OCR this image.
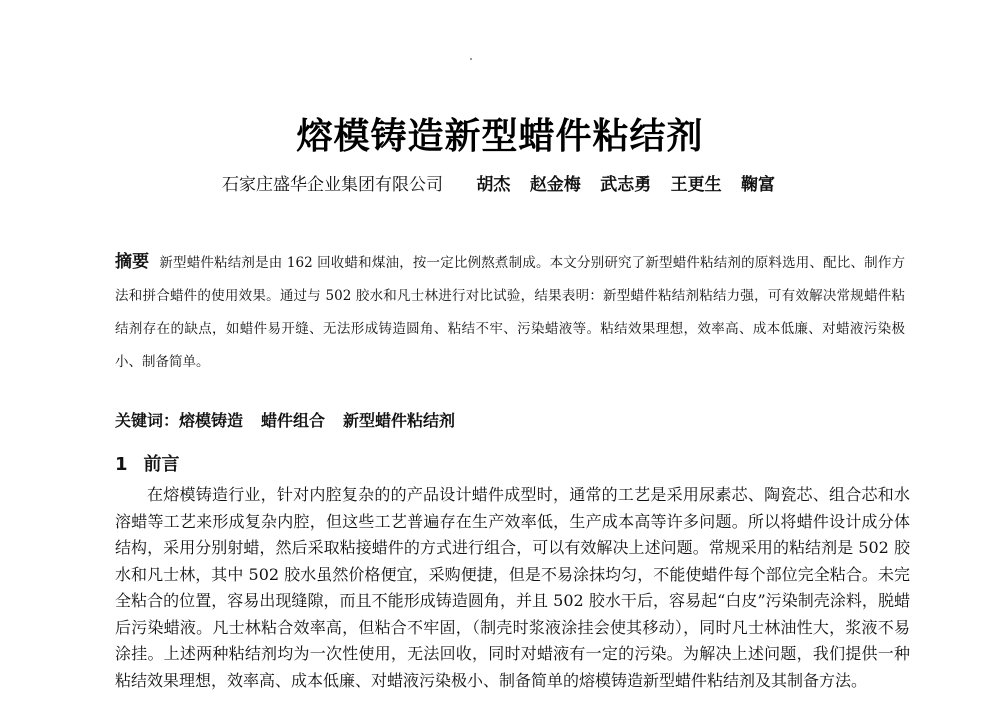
熔模铸造新型蜡件粘结剂
石家庄盛华企业集团有限公司 胡杰 赵金梅 武志勇 王更生 鞠富
摘要 新型蜡件粘结剂是由 162 回收蜡和煤油，按一定比例熬煮制成。本文分别研究了新型蜡件粘结剂的原料选用、配比、制作方法和拼合蜡件的使用效果。通过与 502 胶水和凡士林进行对比试验，结果表明：新型蜡件粘结剂粘结力强，可有效解决常规蜡件粘结剂存在的缺点，如蜡件易开缝、无法形成铸造圆角、粘结不牢、污染蜡液等。粘结效果理想，效率高、成本低廉、对蜡液污染极小、制备简单。
关键词：熔模铸造 蜡件组合 新型蜡件粘结剂
1 前言
在熔模铸造行业，针对内腔复杂的的产品设计蜡件成型时，通常的工艺是采用尿素芯、陶瓷芯、组合芯和水溶蜡等工艺来形成复杂内腔，但这些工艺普遍存在生产效率低，生产成本高等许多问题。所以将蜡件设计成分体结构，采用分别射蜡，然后采取粘接蜡件的方式进行组合，可以有效解决上述问题。常规采用的粘结剂是 502 胶水和凡士林，其中 502 胶水虽然价格便宜，采购便捷，但是不易涂抹均匀，不能使蜡件每个部位完全粘合。未完全粘合的位置，容易出现缝隙，而且不能形成铸造圆角，并且 502 胶水干后，容易起“白皮”污染制壳涂料，脱蜡后污染蜡液。凡士林粘合效率高，但粘合不牢固，（制壳时浆液涂挂会使其移动），同时凡士林油性大，浆液不易涂挂。上述两种粘结剂均为一次性使用，无法回收，同时对蜡液有一定的污染。为解决上述问题，我们提供一种粘结效果理想，效率高、成本低廉、对蜡液污染极小、制备简单的熔模铸造新型蜡件粘结剂及其制备方法。
